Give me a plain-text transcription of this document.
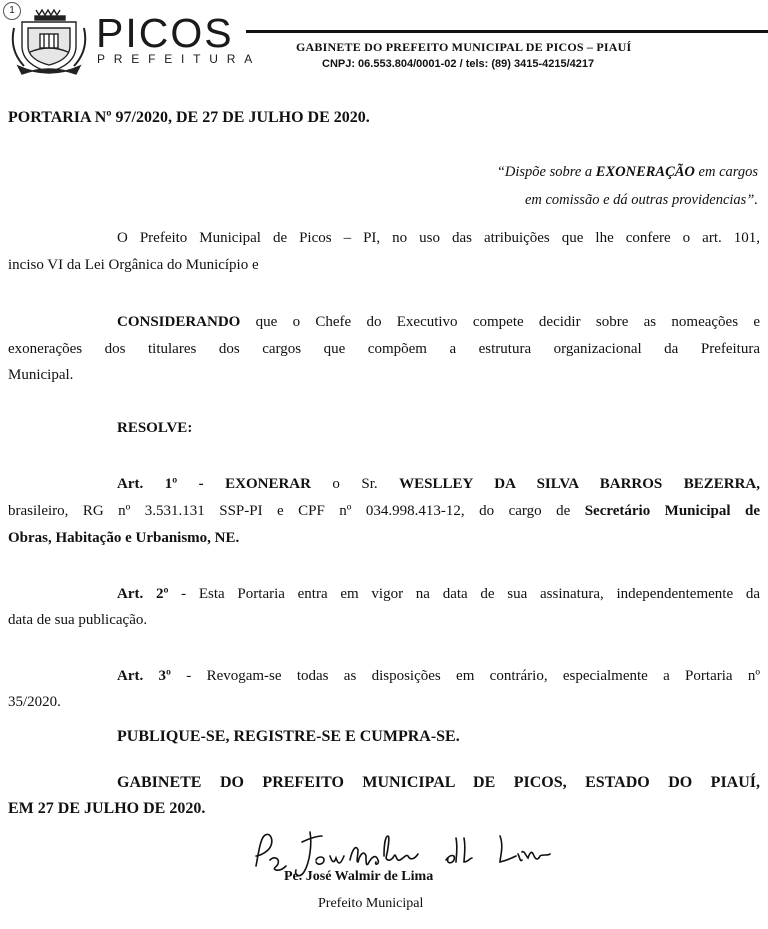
1 PICOS
PREFEITURA
GABINETE DO PREFEITO MUNICIPAL DE PICOS – PIAUÍ
CNPJ: 06.553.804/0001-02 / tels: (89) 3415-4215/4217
PORTARIA Nº 97/2020, DE 27 DE JULHO DE 2020.
“Dispõe sobre a EXONERAÇÃO em cargos
em comissão e dá outras providencias”.
O Prefeito Municipal de Picos – PI, no uso das atribuições que lhe confere o art. 101,
inciso VI da Lei Orgânica do Município e
CONSIDERANDO que o Chefe do Executivo compete decidir sobre as nomeações e
exonerações dos titulares dos cargos que compõem a estrutura organizacional da Prefeitura
Municipal.
RESOLVE:
Art. 1º - EXONERAR o Sr. WESLLEY DA SILVA BARROS BEZERRA,
brasileiro, RG nº 3.531.131 SSP-PI e CPF nº 034.998.413-12, do cargo de Secretário Municipal de
Obras, Habitação e Urbanismo, NE.
Art. 2º - Esta Portaria entra em vigor na data de sua assinatura, independentemente da
data de sua publicação.
Art. 3º - Revogam-se todas as disposições em contrário, especialmente a Portaria nº
35/2020.
PUBLIQUE-SE, REGISTRE-SE E CUMPRA-SE.
GABINETE DO PREFEITO MUNICIPAL DE PICOS, ESTADO DO PIAUÍ,
EM 27 DE JULHO DE 2020.
Pe. José Walmir de Lima
Prefeito Municipal
